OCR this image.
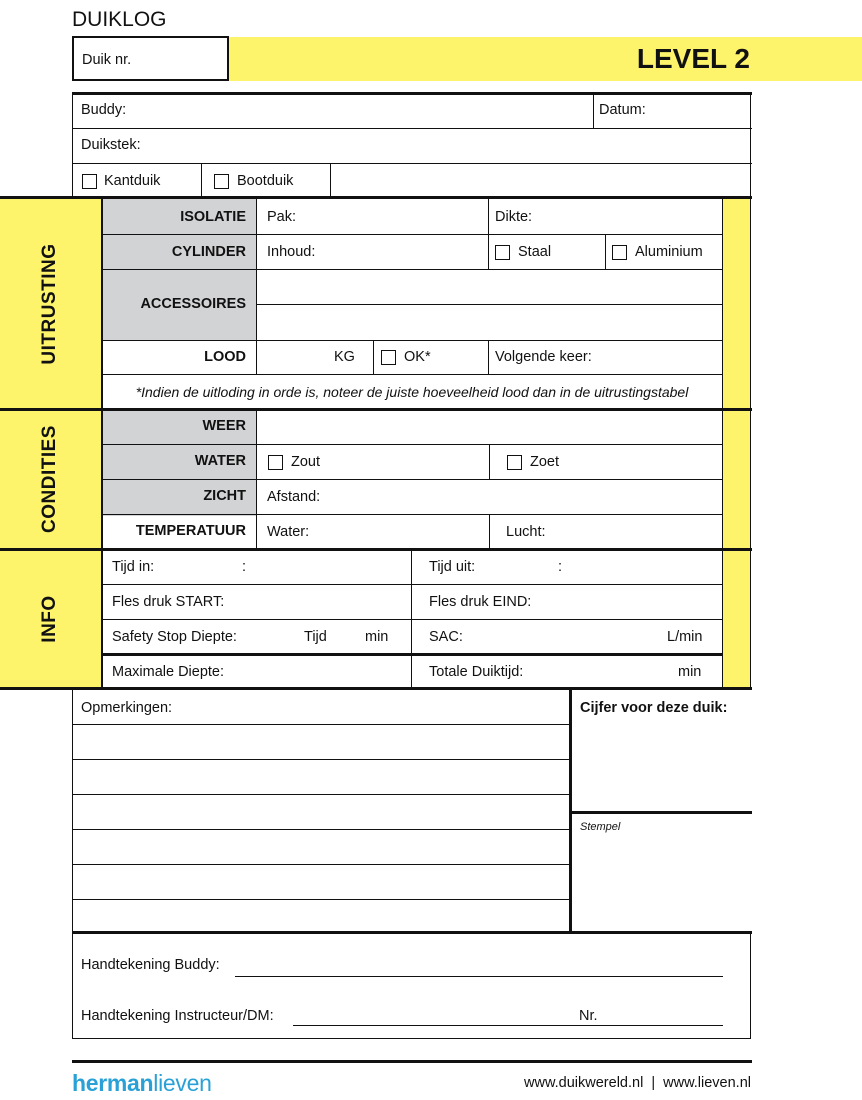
DUIKLOG
Duik nr.	LEVEL 2
Buddy:	Datum:
Duikstek:
Kantduik	Bootduik
UITRUSTING
CONDITIES
INFO
ISOLATIE Pak:	Dikte:
CYLINDER Inhoud:	Staal	Aluminium
ACCESSOIRES
LOOD	KG	OK*	Volgende keer:
*Indien de uitloding in orde is, noteer de juiste hoeveelheid lood dan in de uitrustingstabel
WEER
WATER	Zout	Zoet
ZICHT Afstand:
TEMPERATUUR Water:	Lucht:
Tijd in:	:	Tijd uit:	:
Fles druk START:	Fles druk EIND:
Safety Stop Diepte:	Tijd	min	SAC:	L/min
Maximale Diepte:	Totale Duiktijd:	min
Opmerkingen:	Cijfer voor deze duik:
Stempel
Handtekening Buddy:
Handtekening Instructeur/DM:	Nr.
hermanlieven	www.duikwereld.nl | www.lieven.nl
